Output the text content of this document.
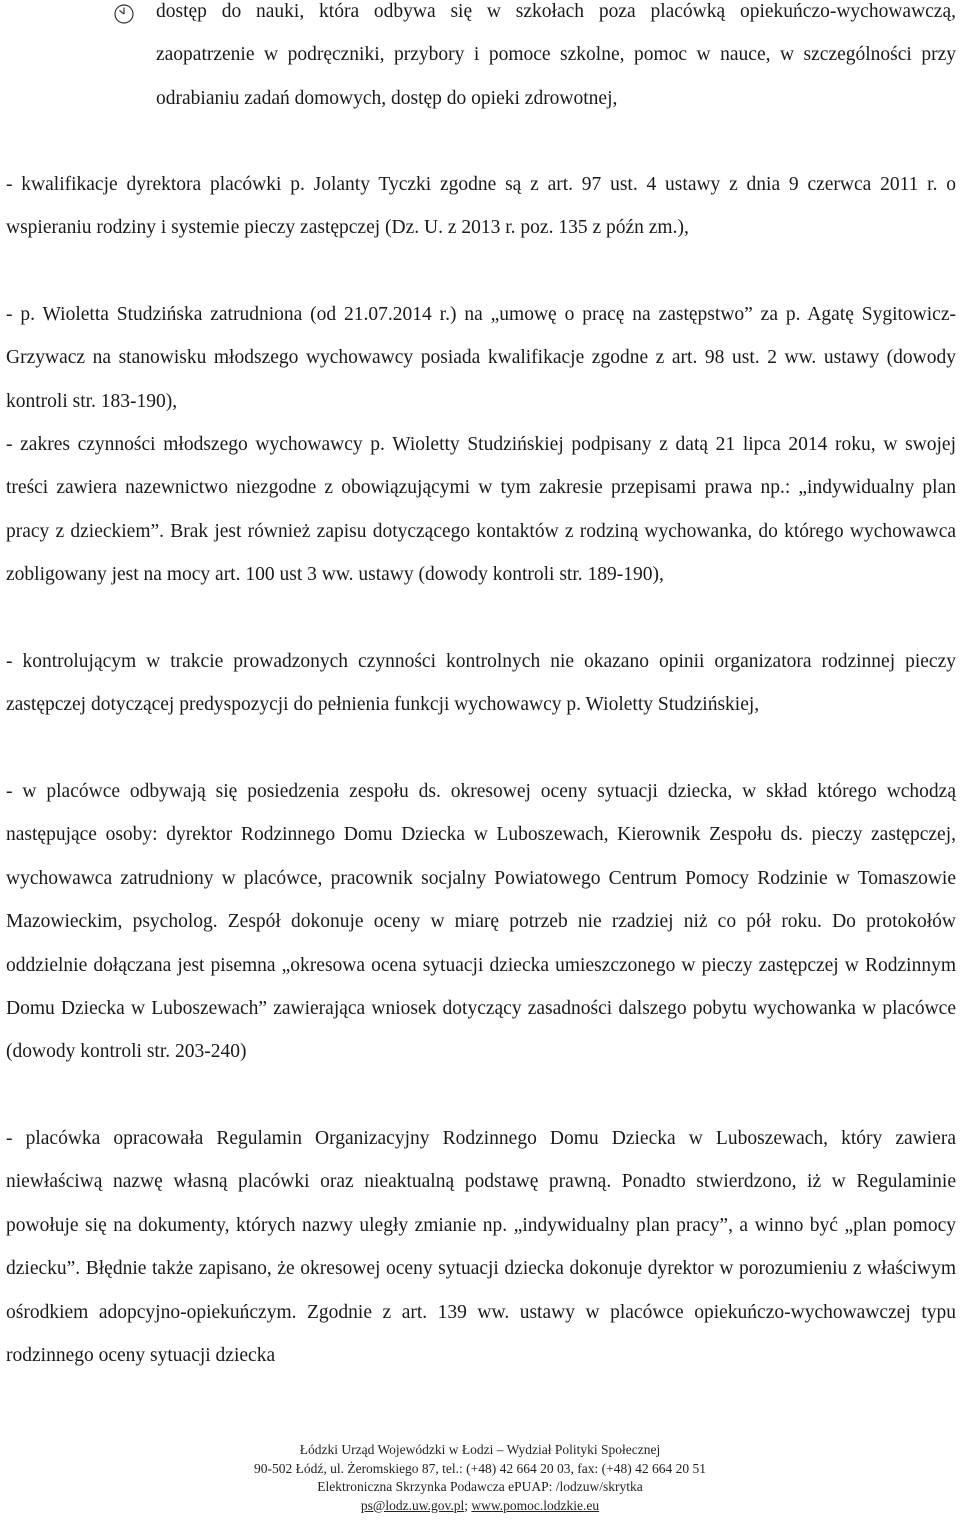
dostęp do nauki, która odbywa się w szkołach poza placówką opiekuńczo-wychowawczą, zaopatrzenie w podręczniki, przybory i pomoce szkolne, pomoc w nauce, w szczególności przy odrabianiu zadań domowych, dostęp do opieki zdrowotnej,

- kwalifikacje dyrektora placówki p. Jolanty Tyczki zgodne są z art. 97 ust. 4 ustawy z dnia 9 czerwca 2011 r. o wspieraniu rodziny i systemie pieczy zastępczej (Dz. U. z 2013 r. poz. 135 z późn zm.),

- p. Wioletta Studzińska zatrudniona (od 21.07.2014 r.) na „umowę o pracę na zastępstwo” za p. Agatę Sygitowicz-Grzywacz na stanowisku młodszego wychowawcy posiada kwalifikacje zgodne z art. 98 ust. 2 ww. ustawy (dowody kontroli str. 183-190),

- zakres czynności młodszego wychowawcy p. Wioletty Studzińskiej podpisany z datą 21 lipca 2014 roku, w swojej treści zawiera nazewnictwo niezgodne z obowiązującymi w tym zakresie przepisami prawa np.: „indywidualny plan pracy z dzieckiem”. Brak jest również zapisu dotyczącego kontaktów z rodziną wychowanka, do którego wychowawca zobligowany jest na mocy art. 100 ust 3 ww. ustawy (dowody kontroli str. 189-190),

- kontrolującym w trakcie prowadzonych czynności kontrolnych nie okazano opinii organizatora rodzinnej pieczy zastępczej dotyczącej predyspozycji do pełnienia funkcji wychowawcy p. Wioletty Studzińskiej,

- w placówce odbywają się posiedzenia zespołu ds. okresowej oceny sytuacji dziecka, w skład którego wchodzą następujące osoby: dyrektor Rodzinnego Domu Dziecka w Luboszewach, Kierownik Zespołu ds. pieczy zastępczej, wychowawca zatrudniony w placówce, pracownik socjalny Powiatowego Centrum Pomocy Rodzinie w Tomaszowie Mazowieckim, psycholog. Zespół dokonuje oceny w miarę potrzeb nie rzadziej niż co pół roku. Do protokołów oddzielnie dołączana jest pisemna „okresowa ocena sytuacji dziecka umieszczonego w pieczy zastępczej w Rodzinnym Domu Dziecka w Luboszewach” zawierająca wniosek dotyczący zasadności dalszego pobytu wychowanka w placówce (dowody kontroli str. 203-240)

- placówka opracowała Regulamin Organizacyjny Rodzinnego Domu Dziecka w Luboszewach, który zawiera niewłaściwą nazwę własną placówki oraz nieaktualną podstawę prawną. Ponadto stwierdzono, iż w Regulaminie powołuje się na dokumenty, których nazwy uległy zmianie np. „indywidualny plan pracy”, a winno być „plan pomocy dziecku”. Błędnie także zapisano, że okresowej oceny sytuacji dziecka dokonuje dyrektor w porozumieniu z właściwym ośrodkiem adopcyjno-opiekuńczym. Zgodnie z art. 139 ww. ustawy w placówce opiekuńczo-wychowawczej typu rodzinnego oceny sytuacji dziecka

Łódzki Urząd Wojewódzki w Łodzi – Wydział Polityki Społecznej
90-502 Łódź, ul. Żeromskiego 87, tel.: (+48) 42 664 20 03, fax: (+48) 42 664 20 51
Elektroniczna Skrzynka Podawcza ePUAP: /lodzuw/skrytka
ps@lodz.uw.gov.pl; www.pomoc.lodzkie.eu
